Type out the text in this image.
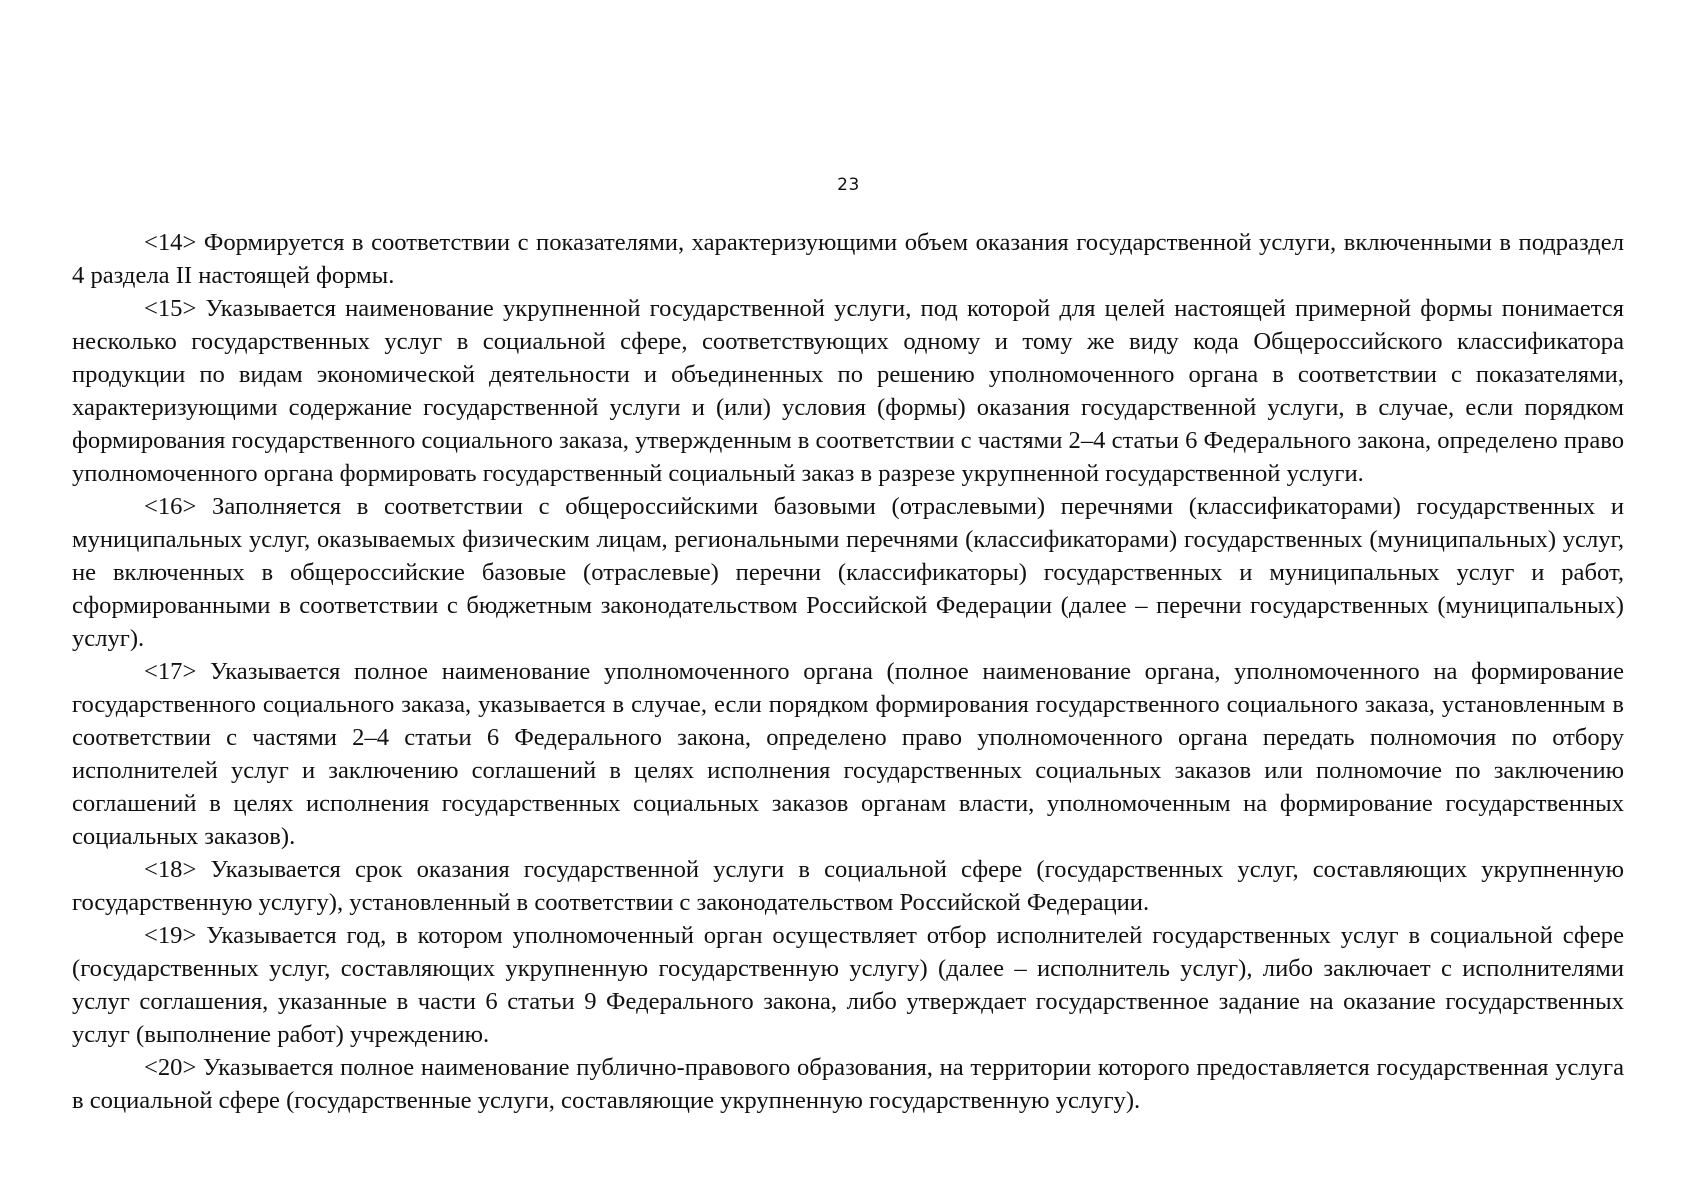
23

<14> Формируется в соответствии с показателями, характеризующими объем оказания государственной услуги, включенными в подраздел 4 раздела II настоящей формы.

<15> Указывается наименование укрупненной государственной услуги, под которой для целей настоящей примерной формы понимается несколько государственных услуг в социальной сфере, соответствующих одному и тому же виду кода Общероссийского классификатора продукции по видам экономической деятельности и объединенных по решению уполномоченного органа в соответствии с показателями, характеризующими содержание государственной услуги и (или) условия (формы) оказания государственной услуги, в случае, если порядком формирования государственного социального заказа, утвержденным в соответствии с частями 2–4 статьи 6 Федерального закона, определено право уполномоченного органа формировать государственный социальный заказ в разрезе укрупненной государственной услуги.

<16> Заполняется в соответствии с общероссийскими базовыми (отраслевыми) перечнями (классификаторами) государственных и муниципальных услуг, оказываемых физическим лицам, региональными перечнями (классификаторами) государственных (муниципальных) услуг, не включенных в общероссийские базовые (отраслевые) перечни (классификаторы) государственных и муниципальных услуг и работ, сформированными в соответствии с бюджетным законодательством Российской Федерации (далее – перечни государственных (муниципальных) услуг).

<17> Указывается полное наименование уполномоченного органа (полное наименование органа, уполномоченного на формирование государственного социального заказа, указывается в случае, если порядком формирования государственного социального заказа, установленным в соответствии с частями 2–4 статьи 6 Федерального закона, определено право уполномоченного органа передать полномочия по отбору исполнителей услуг и заключению соглашений в целях исполнения государственных социальных заказов или полномочие по заключению соглашений в целях исполнения государственных социальных заказов органам власти, уполномоченным на формирование государственных социальных заказов).

<18> Указывается срок оказания государственной услуги в социальной сфере (государственных услуг, составляющих укрупненную государственную услугу), установленный в соответствии с законодательством Российской Федерации.

<19> Указывается год, в котором уполномоченный орган осуществляет отбор исполнителей государственных услуг в социальной сфере (государственных услуг, составляющих укрупненную государственную услугу) (далее – исполнитель услуг), либо заключает с исполнителями услуг соглашения, указанные в части 6 статьи 9 Федерального закона, либо утверждает государственное задание на оказание государственных услуг (выполнение работ) учреждению.

<20> Указывается полное наименование публично-правового образования, на территории которого предоставляется государственная услуга в социальной сфере (государственные услуги, составляющие укрупненную государственную услугу).
